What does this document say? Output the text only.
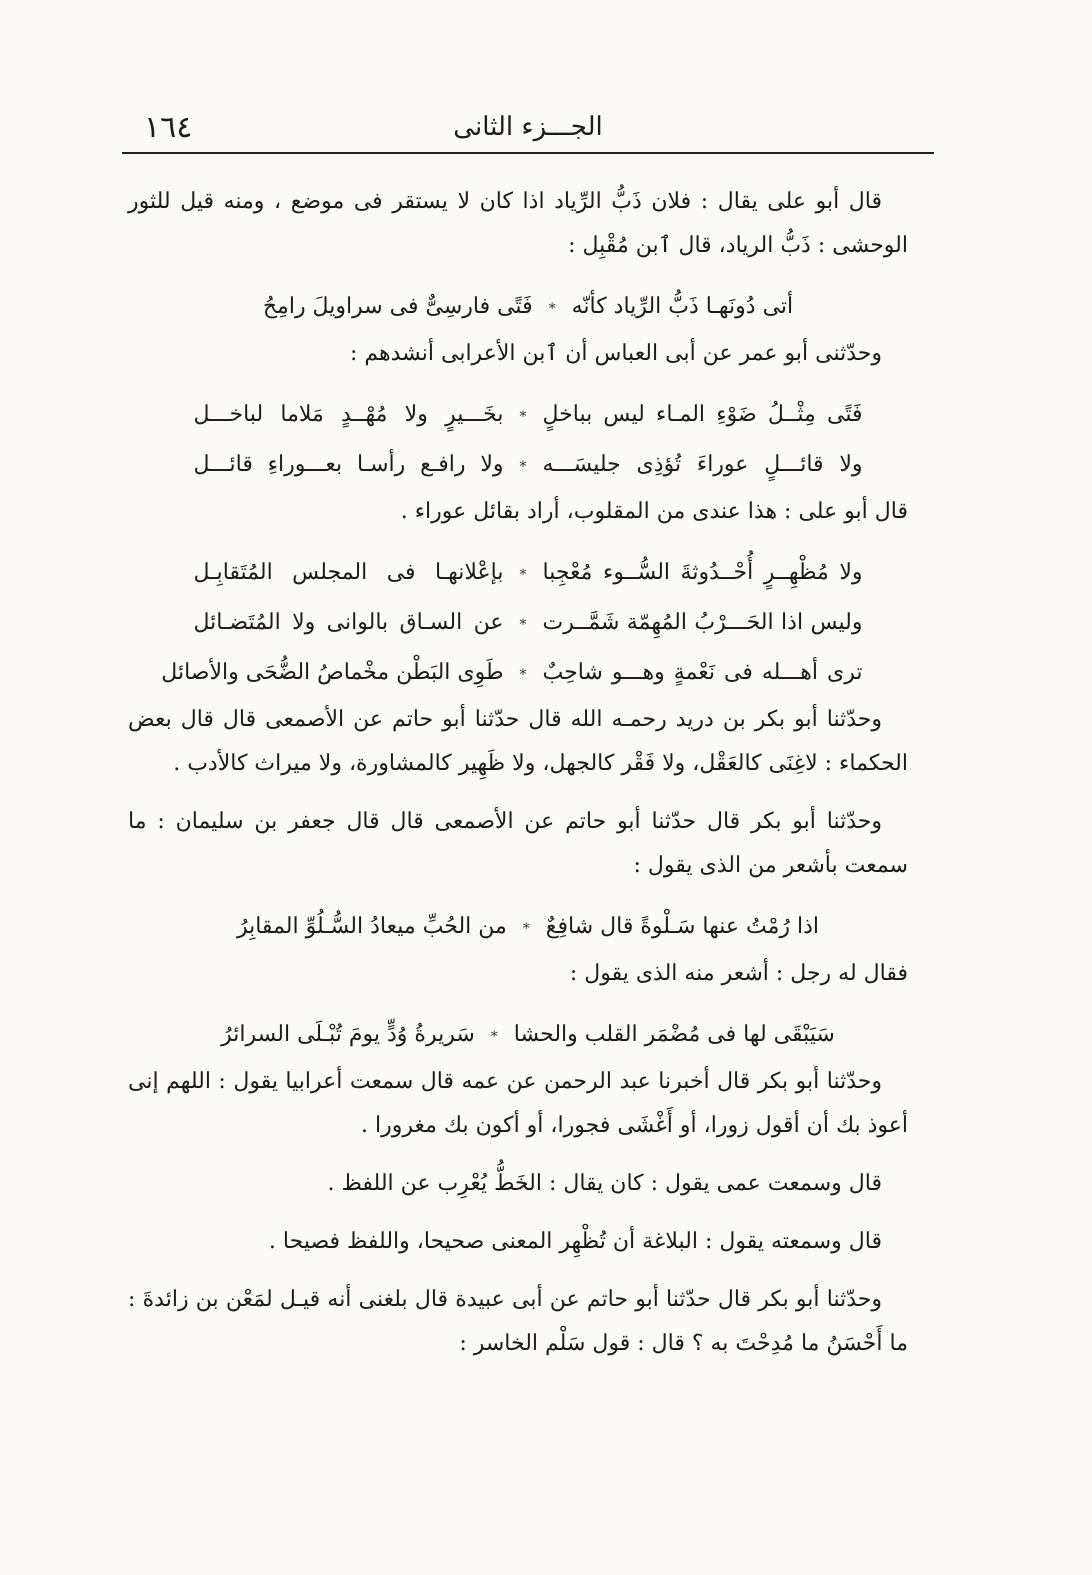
١٦٤	الجـــزء الثانى

قال أبو على يقال : فلان ذَبُّ الرِّياد اذا كان لا يستقر فى موضع ، ومنه قيل للثور الوحشى : ذَبُّ الرياد، قال ٱبن مُقْبِل :

أتى دُونَهـا ذَبُّ الرِّياد كأنّه
*
فَتًى فارسِىٌّ فى سراويلَ رامِحُ

وحدّثنى أبو عمر عن أبى العباس أن ٱبن الأعرابى أنشدهم :

فَتًى مِثْــلُ ضَوْءِ المـاء ليس بباخلٍ
*
بخَـــيرٍ ولا مُهْــدٍ مَلاما لباخـــل
ولا قائـــلٍ عوراءَ تُؤذِى جليسَـــه
*
ولا رافـع رأسـا بعـــوراءِ قائـــل

قال أبو على : هذا عندى من المقلوب، أراد بقائل عوراء .

ولا مُظْهِــرٍ أُحْــدُوثةَ السُّــوء مُعْجِبا
*
بإعْلانهـا فى المجلس المُتَقابِـل
وليس اذا الحَـــرْبُ المُهِمّة شَمَّــرت
*
عن السـاق بالوانى ولا المُتَضـائل
ترى أهـــله فى نَعْمةٍ وهـــو شاحِبٌ
*
طَوِى البَطْن مخْماصُ الضُّحَى والأصائل

وحدّثنا أبو بكر بن دريد رحمـه الله قال حدّثنا أبو حاتم عن الأصمعى قال قال بعض الحكماء : لاغِنَى كالعَقْل، ولا فَقْر كالجهل، ولا ظَهِير كالمشاورة، ولا ميراث كالأدب .

وحدّثنا أبو بكر قال حدّثنا أبو حاتم عن الأصمعى قال قال جعفر بن سليمان : ما سمعت بأشعر من الذى يقول :

اذا رُمْتُ عنها سَـلْوةً قال شافِعٌ
*
من الحُبِّ ميعادُ السُّـلُوِّ المقابِرُ

فقال له رجل : أشعر منه الذى يقول :

سَيَبْقَى لها فى مُضْمَر القلب والحشا
*
سَريرةُ وُدٍّ يومَ تُبْـلَى السرائرُ

وحدّثنا أبو بكر قال أخبرنا عبد الرحمن عن عمه قال سمعت أعرابيا يقول : اللهم إنى أعوذ بك أن أقول زورا، أو أَغْشَى فجورا، أو أكون بك مغرورا .

قال وسمعت عمى يقول : كان يقال : الخَطُّ يُعْرِب عن اللفظ .

قال وسمعته يقول : البلاغة أن تُظْهِر المعنى صحيحا، واللفظ فصيحا .

وحدّثنا أبو بكر قال حدّثنا أبو حاتم عن أبى عبيدة قال بلغنى أنه قيـل لمَعْن بن زائدةَ : ما أَحْسَنُ ما مُدِحْتَ به ؟ قال : قول سَلْم الخاسر :
